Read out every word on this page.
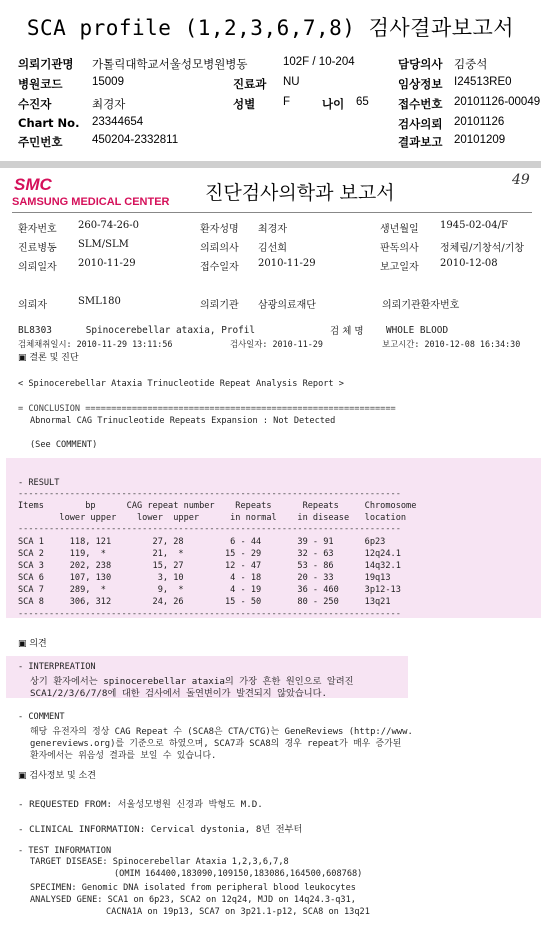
SCA profile (1,2,3,6,7,8) 검사결과보고서
의뢰기관명 가톨릭대학교서울성모병원병동	102F / 10-204	담당의사 김중석
병원코드	15009	진료과 NU	임상정보 I24513RE0
수진자	최경자	성별 F	나이 65	접수번호 20101126-00049
Chart No. 23344654	검사의뢰 20101126
주민번호	450204-2332811	결과보고 20101209
SMC
SAMSUNG MEDICAL CENTER 진단검사의학과 보고서
49
환자번호 260-74-26-0	환자성명 최경자	생년월일 1945-02-04/F
진료병동 SLM/SLM	의뢰의사 김선희	판독의사 정체림/기창석/기창
의뢰일자 2010-11-29	접수일자 2010-11-29	보고일자 2010-12-08
의뢰자	SML180	의뢰기관 삼광의료재단	의뢰기관환자번호
BL8303      Spinocerebellar ataxia, Profil	검 체 명 WHOLE BLOOD
검체채취일시: 2010-11-29 13:11:56	검사일자: 2010-11-29	보고시간: 2010-12-08 16:34:30
▣ 결론 및 진단
< Spinocerebellar Ataxia Trinucleotide Repeat Analysis Report >
= CONCLUSION ============================================================
Abnormal CAG Trinucleotide Repeats Expansion : Not Detected
(See COMMENT)
- RESULT
--------------------------------------------------------------------------
Items        bp      CAG repeat number    Repeats      Repeats     Chromosome
lower upper    lower  upper      in normal    in disease   location
--------------------------------------------------------------------------
SCA 1     118, 121        27, 28         6 - 44       39 - 91      6p23
SCA 2     119,  *         21,  *        15 - 29       32 - 63      12q24.1
SCA 3     202, 238        15, 27        12 - 47       53 - 86      14q32.1
SCA 6     107, 130         3, 10         4 - 18       20 - 33      19q13
SCA 7     289,  *          9,  *         4 - 19       36 - 460     3p12-13
SCA 8     306, 312        24, 26        15 - 50       80 - 250     13q21
--------------------------------------------------------------------------
▣ 의견
- INTERPREATION
상기 환자에서는 spinocerebellar ataxia의 가장 흔한 원인으로 알려진
SCA1/2/3/6/7/8에 대한 검사에서 돌연변이가 발견되지 않았습니다.
- COMMENT
해당 유전자의 정상 CAG Repeat 수 (SCA8은 CTA/CTG)는 GeneReviews (http://www.
genereviews.org)를 기준으로 하였으며, SCA7과 SCA8의 경우 repeat가 매우 증가된
환자에서는 위음성 결과를 보일 수 있습니다.
▣ 검사정보 및 소견
- REQUESTED FROM: 서울성모병원 신경과 박형도 M.D.
- CLINICAL INFORMATION: Cervical dystonia, 8년 전부터
- TEST INFORMATION
TARGET DISEASE: Spinocerebellar Ataxia 1,2,3,6,7,8
(OMIM 164400,183090,109150,183086,164500,608768)
SPECIMEN: Genomic DNA isolated from peripheral blood leukocytes
ANALYSED GENE: SCA1 on 6p23, SCA2 on 12q24, MJD on 14q24.3-q31,
CACNA1A on 19p13, SCA7 on 3p21.1-p12, SCA8 on 13q21
